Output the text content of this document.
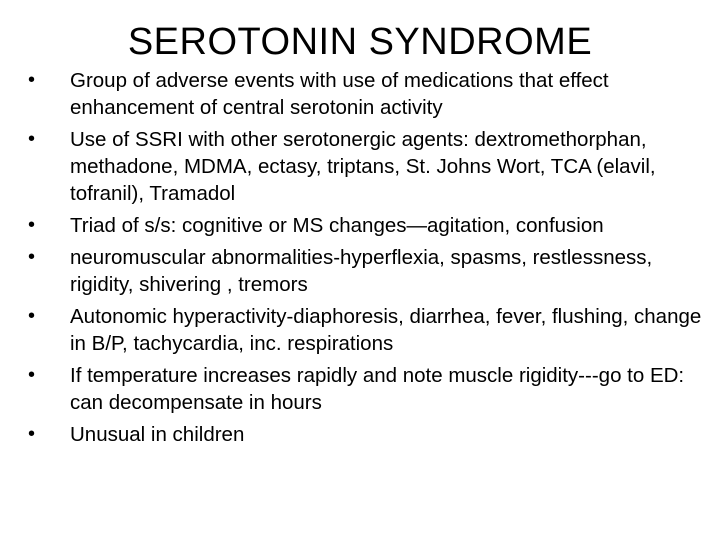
SEROTONIN SYNDROME
•	Group of adverse events with use of medications that effect enhancement of central serotonin activity
•	Use of SSRI with other serotonergic agents: dextromethorphan, methadone, MDMA, ectasy, triptans, St. Johns Wort, TCA (elavil, tofranil), Tramadol
•	Triad of s/s: cognitive or MS changes—agitation, confusion
•	neuromuscular abnormalities-hyperflexia, spasms, restlessness, rigidity, shivering , tremors
•	Autonomic hyperactivity-diaphoresis, diarrhea, fever, flushing, change in B/P, tachycardia, inc. respirations
•	If temperature increases rapidly and note muscle rigidity---go to ED: can decompensate in hours
•	Unusual in children
